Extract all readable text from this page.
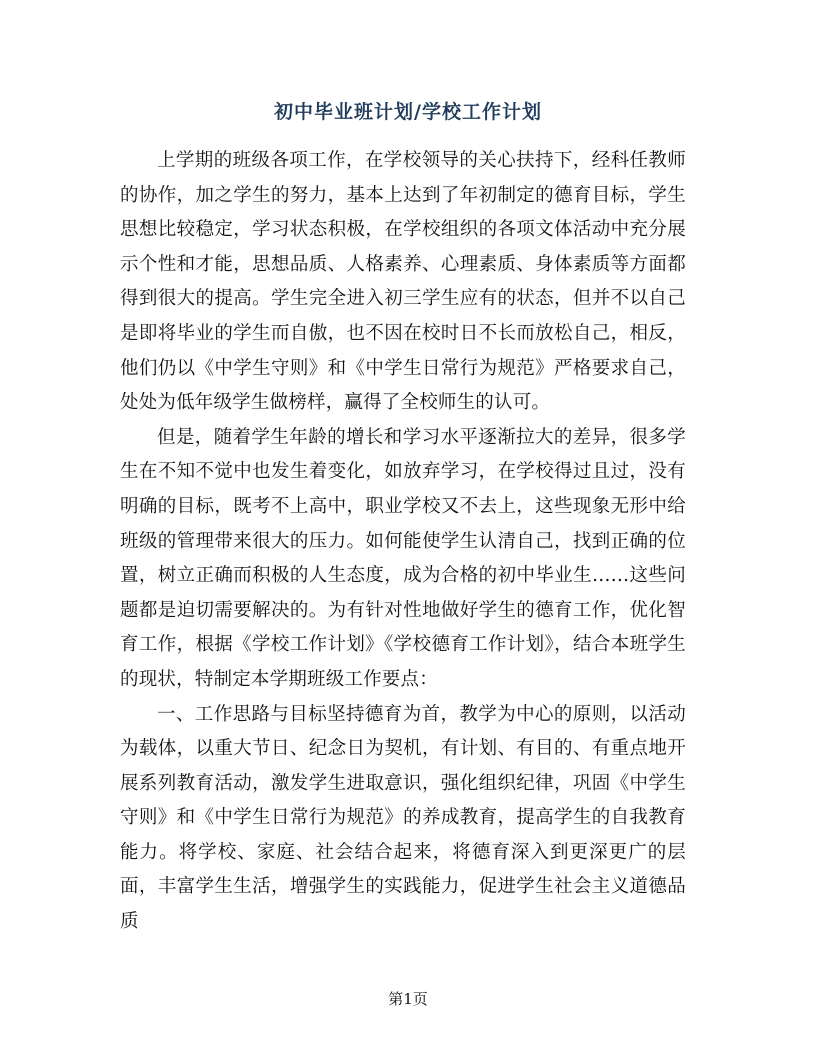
初中毕业班计划/学校工作计划

上学期的班级各项工作，在学校领导的关心扶持下，经科任教师的协作，加之学生的努力，基本上达到了年初制定的德育目标，学生思想比较稳定，学习状态积极，在学校组织的各项文体活动中充分展示个性和才能，思想品质、人格素养、心理素质、身体素质等方面都得到很大的提高。学生完全进入初三学生应有的状态，但并不以自己是即将毕业的学生而自傲，也不因在校时日不长而放松自己，相反，他们仍以《中学生守则》和《中学生日常行为规范》严格要求自己，处处为低年级学生做榜样，赢得了全校师生的认可。

但是，随着学生年龄的增长和学习水平逐渐拉大的差异，很多学生在不知不觉中也发生着变化，如放弃学习，在学校得过且过，没有明确的目标，既考不上高中，职业学校又不去上，这些现象无形中给班级的管理带来很大的压力。如何能使学生认清自己，找到正确的位置，树立正确而积极的人生态度，成为合格的初中毕业生……这些问题都是迫切需要解决的。为有针对性地做好学生的德育工作，优化智育工作，根据《学校工作计划》《学校德育工作计划》，结合本班学生的现状，特制定本学期班级工作要点：

一、工作思路与目标坚持德育为首，教学为中心的原则，以活动为载体，以重大节日、纪念日为契机，有计划、有目的、有重点地开展系列教育活动，激发学生进取意识，强化组织纪律，巩固《中学生守则》和《中学生日常行为规范》的养成教育，提高学生的自我教育能力。将学校、家庭、社会结合起来，将德育深入到更深更广的层面，丰富学生生活，增强学生的实践能力，促进学生社会主义道德品质

第1页
